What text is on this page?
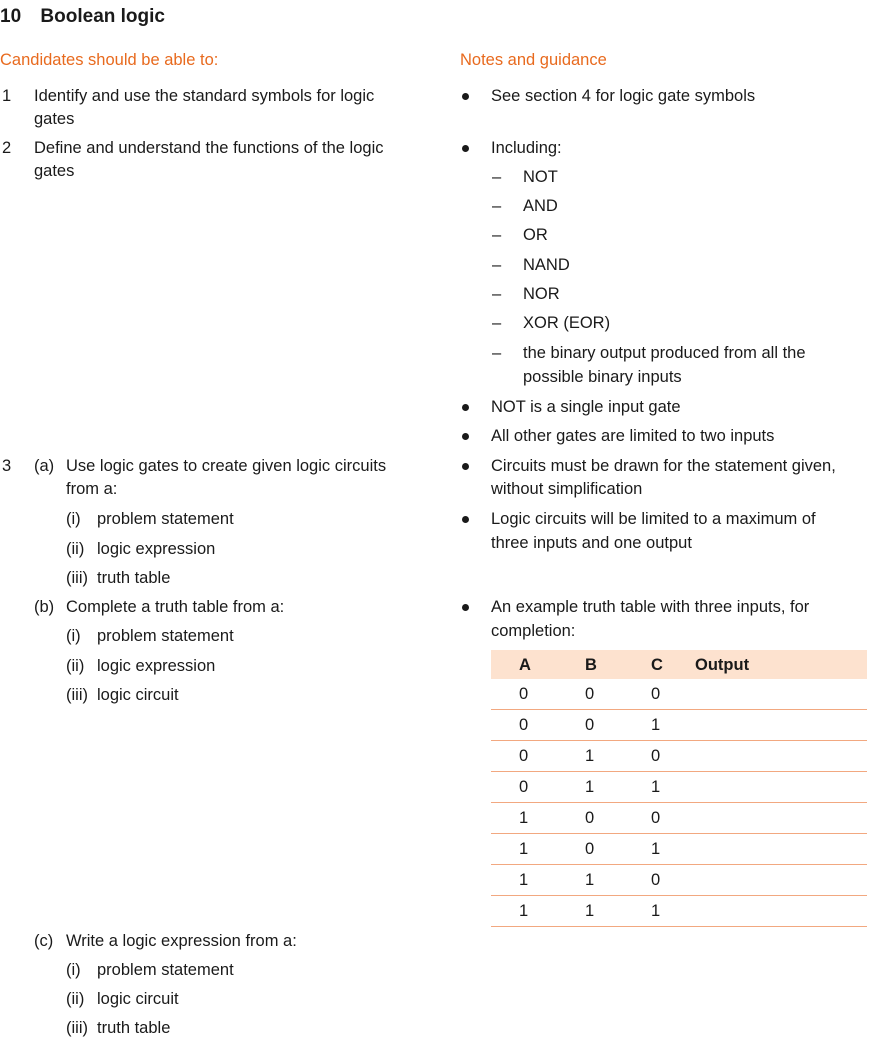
10 Boolean logic
Candidates should be able to:	Notes and guidance
1 Identify and use the standard symbols for logic
gates
2 Define and understand the functions of the logic
gates
3 (a) Use logic gates to create given logic circuits
from a:
(i) problem statement
(ii) logic expression
(iii) truth table
(b) Complete a truth table from a:
(i) problem statement
(ii) logic expression
(iii) logic circuit
(c) Write a logic expression from a:
(i) problem statement
(ii) logic circuit
(iii) truth table
See section 4 for logic gate symbols
Including:
– NOT
– AND
– OR
– NAND
– NOR
– XOR (EOR)
– the binary output produced from all the
possible binary inputs
NOT is a single input gate
All other gates are limited to two inputs
Circuits must be drawn for the statement given,
without simplification
Logic circuits will be limited to a maximum of
three inputs and one output
An example truth table with three inputs, for
completion:
A	B	C	Output
0	0	0	
0	0	1	
0	1	0	
0	1	1	
1	0	0	
1	0	1	
1	1	0	
1	1	1	
